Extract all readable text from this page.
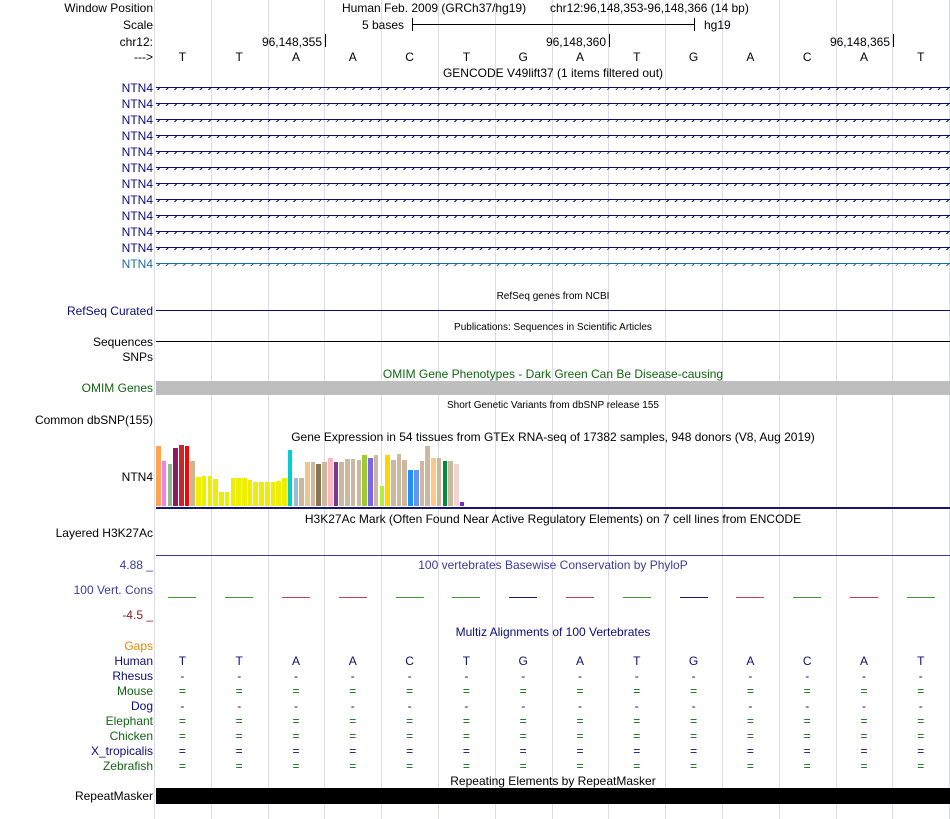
Window Position	Human Feb. 2009 (GRCh37/hg19) chr12:96,148,353-96,148,366 (14 bp)
Scale	5 bases	hg19
chr12:	96,148,355	96,148,360	96,148,365
--->	T	T	A	A	C	T	G	A	T	G	A	C	A	T
GENCODE V49lift37 (1 items filtered out)
NTN4
NTN4
NTN4
NTN4
NTN4
NTN4
NTN4
NTN4
NTN4
NTN4
NTN4
NTN4
RefSeq genes from NCBI
RefSeq Curated
Publications: Sequences in Scientific Articles
Sequences
SNPs
OMIM Gene Phenotypes - Dark Green Can Be Disease-causing
OMIM Genes
Short Genetic Variants from dbSNP release 155
Common dbSNP(155)
Gene Expression in 54 tissues from GTEx RNA-seq of 17382 samples, 948 donors (V8, Aug 2019)
NTN4
H3K27Ac Mark (Often Found Near Active Regulatory Elements) on 7 cell lines from ENCODE
Layered H3K27Ac
100 vertebrates Basewise Conservation by PhyloP
4.88 _
100 Vert. Cons
-4.5 _
Multiz Alignments of 100 Vertebrates
Gaps
Human	T	T	A	A	C	T	G	A	T	G	A	C	A	T
Rhesus	-	-	-	-	-	-	-	-	-	-	-	-	-	-
Mouse	=	=	=	=	=	=	=	=	=	=	=	=	=	=
Dog	-	-	-	-	-	-	-	-	-	-	-	-	-	-
Elephant	=	=	=	=	=	=	=	=	=	=	=	=	=	=
Chicken	=	=	=	=	=	=	=	=	=	=	=	=	=	=
X_tropicalis	=	=	=	=	=	=	=	=	=	=	=	=	=	=
Zebrafish	=	=	=	=	=	=	=	=	=	=	=	=	=	=
Repeating Elements by RepeatMasker
RepeatMasker
